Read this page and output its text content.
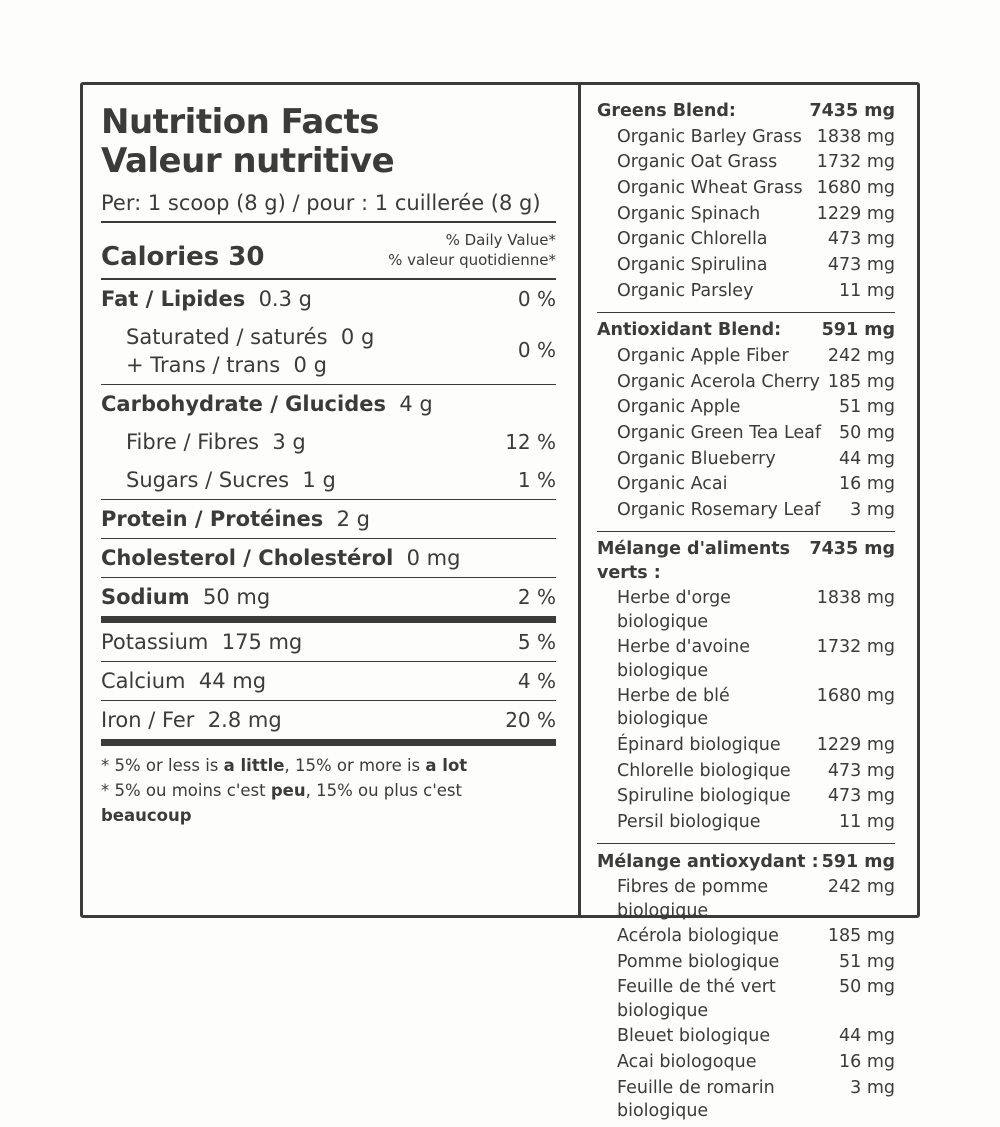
Nutrition Facts
Valeur nutritive
Per: 1 scoop (8 g) / pour : 1 cuillerée (8 g)
Calories 30
% Daily Value*
% valeur quotidienne*
Fat / Lipides 0.3 g	0 %
Saturated / saturés 0 g
+ Trans / trans 0 g
0 %
Carbohydrate / Glucides 4 g
Fibre / Fibres 3 g	12 %
Sugars / Sucres 1 g	1 %
Protein / Protéines 2 g
Cholesterol / Cholestérol 0 mg
Sodium 50 mg	2 %
Potassium 175 mg	5 %
Calcium 44 mg	4 %
Iron / Fer 2.8 mg	20 %
* 5% or less is a little, 15% or more is a lot
* 5% ou moins c'est peu, 15% ou plus c'est beaucoup
Greens Blend:	7435 mg
Organic Barley Grass 1838 mg
Organic Oat Grass 1732 mg
Organic Wheat Grass 1680 mg
Organic Spinach	1229 mg
Organic Chlorella	473 mg
Organic Spirulina	473 mg
Organic Parsley	11 mg
Antioxidant Blend: 591 mg
Organic Apple Fiber 242 mg
Organic Acerola Cherry 185 mg
Organic Apple	51 mg
Organic Green Tea Leaf 50 mg
Organic Blueberry	44 mg
Organic Acai	16 mg
Organic Rosemary Leaf 3 mg
Mélange d'aliments verts :
7435 mg
Herbe d'orge biologique
1838 mg
Herbe d'avoine biologique
1732 mg
Herbe de blé biologique
1680 mg
Épinard biologique 1229 mg
Chlorelle biologique 473 mg
Spiruline biologique 473 mg
Persil biologique	11 mg
Mélange antioxydant : 591 mg
Fibres de pomme biologique
242 mg
Acérola biologique	185 mg
Pomme biologique	51 mg
Feuille de thé vert biologique
50 mg
Bleuet biologique	44 mg
Acai biologoque	16 mg
Feuille de romarin biologique
3 mg
